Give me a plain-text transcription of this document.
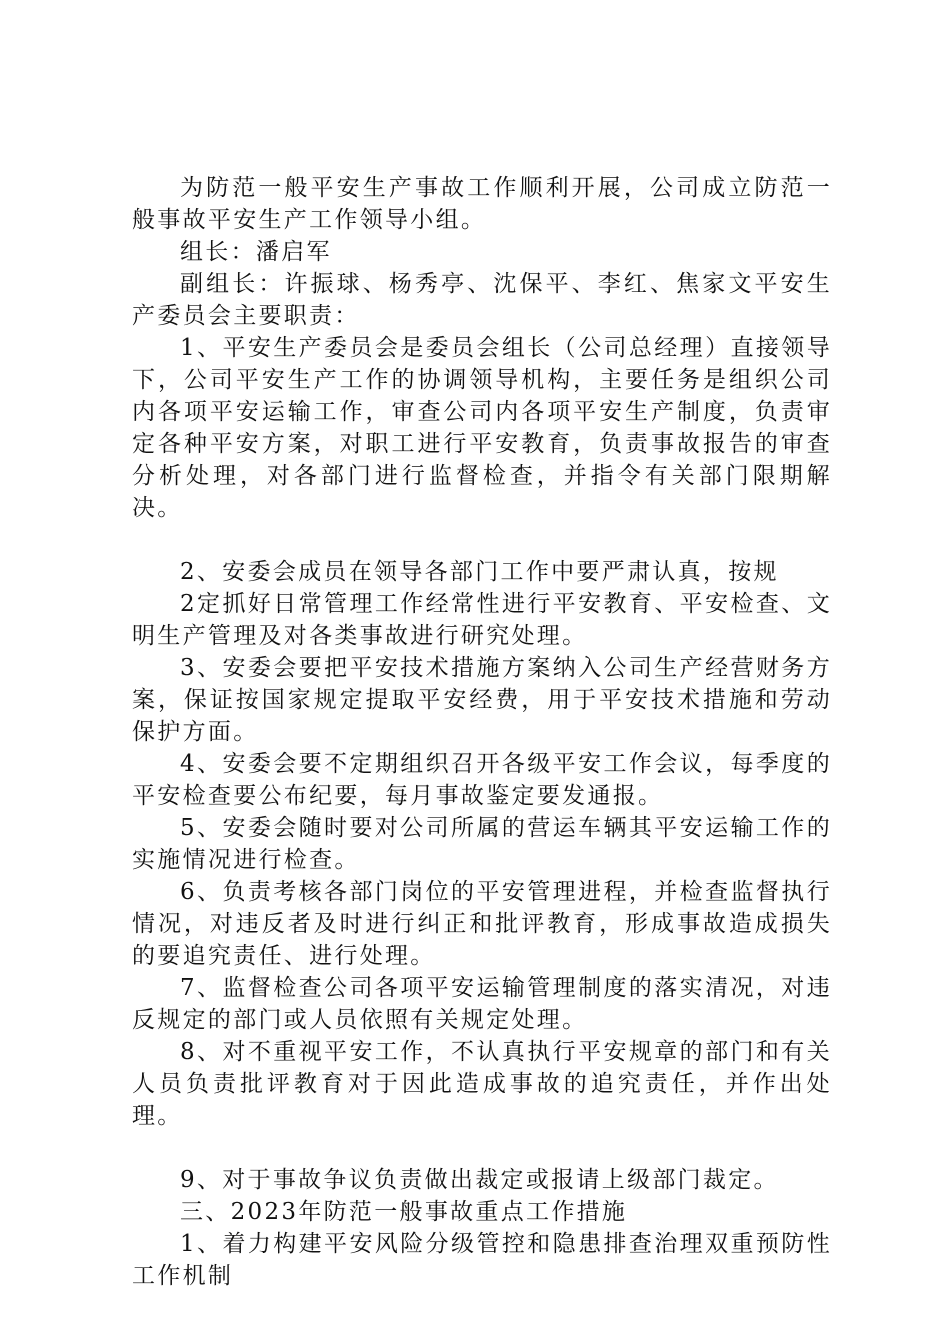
为防范一般平安生产事故工作顺利开展，公司成立防范一般事故平安生产工作领导小组。

组长：潘启军

副组长：许振球、杨秀亭、沈保平、李红、焦家文平安生产委员会主要职责：

1、平安生产委员会是委员会组长（公司总经理）直接领导下，公司平安生产工作的协调领导机构，主要任务是组织公司内各项平安运输工作，审查公司内各项平安生产制度，负责审定各种平安方案，对职工进行平安教育，负责事故报告的审查分析处理，对各部门进行监督检查，并指令有关部门限期解决。

2、安委会成员在领导各部门工作中要严肃认真，按规

2定抓好日常管理工作经常性进行平安教育、平安检查、文明生产管理及对各类事故进行研究处理。

3、安委会要把平安技术措施方案纳入公司生产经营财务方案，保证按国家规定提取平安经费，用于平安技术措施和劳动保护方面。

4、安委会要不定期组织召开各级平安工作会议，每季度的平安检查要公布纪要，每月事故鉴定要发通报。

5、安委会随时要对公司所属的营运车辆其平安运输工作的实施情况进行检查。

6、负责考核各部门岗位的平安管理进程，并检查监督执行情况，对违反者及时进行纠正和批评教育，形成事故造成损失的要追究责任、进行处理。

7、监督检查公司各项平安运输管理制度的落实清况，对违反规定的部门或人员依照有关规定处理。

8、对不重视平安工作，不认真执行平安规章的部门和有关人员负责批评教育对于因此造成事故的追究责任，并作出处理。

9、对于事故争议负责做出裁定或报请上级部门裁定。

三、2023年防范一般事故重点工作措施

1、着力构建平安风险分级管控和隐患排查治理双重预防性工作机制
